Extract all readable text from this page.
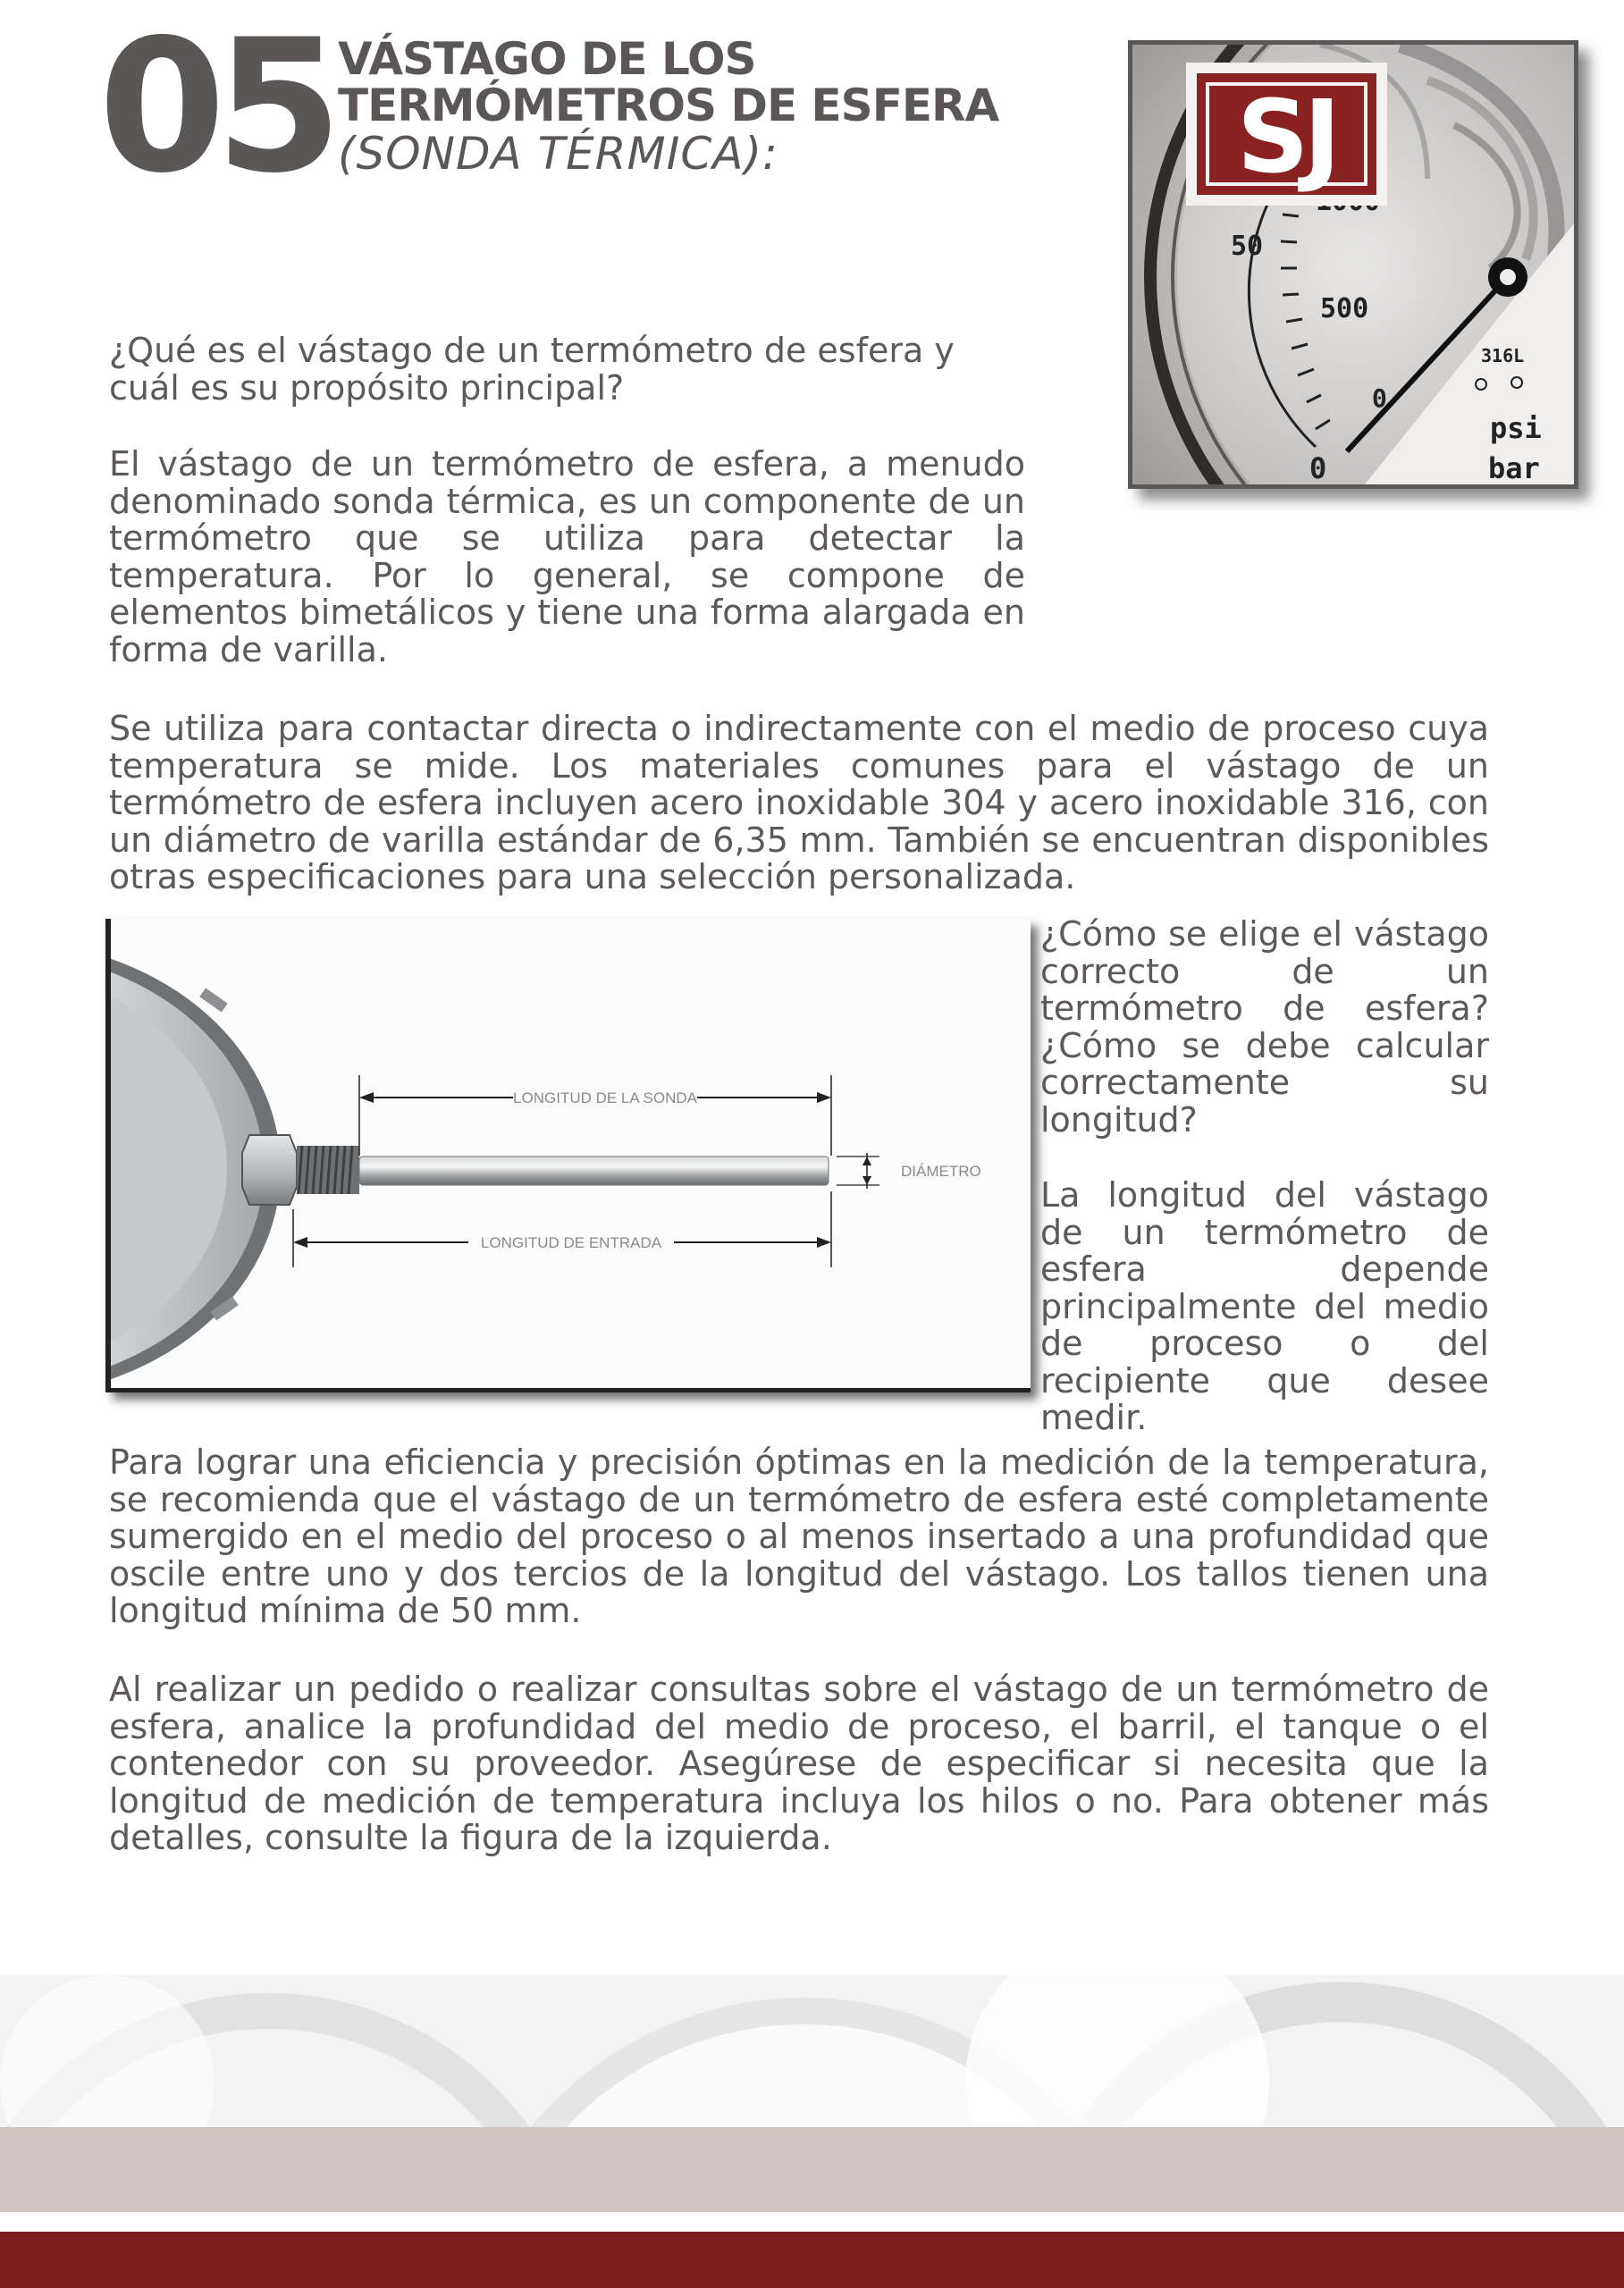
05 VÁSTAGO DE LOS
TERMÓMETROS DE ESFERA
(SONDA TÉRMICA):
50
500
316L
0
0
psi
bar
SJ

¿Qué es el vástago de un termómetro de esfera y cuál es su propósito principal?

El vástago de un termómetro de esfera, a menudo denominado sonda térmica, es un componente de un termómetro que se utiliza para detectar la temperatura. Por lo general, se compone de elementos bimetálicos y tiene una forma alargada en forma de varilla.

Se utiliza para contactar directa o indirectamente con el medio de proceso cuya temperatura se mide. Los materiales comunes para el vástago de un termómetro de esfera incluyen acero inoxidable 304 y acero inoxidable 316, con un diámetro de varilla estándar de 6,35 mm. También se encuentran disponibles otras especificaciones para una selección personalizada.

LONGITUD DE LA SONDA
LONGITUD DE ENTRADA
DIÁMETRO

¿Cómo se elige el vástago correcto de un termómetro de esfera? ¿Cómo se debe calcular correctamente su longitud?

La longitud del vástago de un termómetro de esfera depende principalmente del medio de proceso o del recipiente que desee medir.

Para lograr una eficiencia y precisión óptimas en la medición de la temperatura, se recomienda que el vástago de un termómetro de esfera esté completamente sumergido en el medio del proceso o al menos insertado a una profundidad que oscile entre uno y dos tercios de la longitud del vástago. Los tallos tienen una longitud mínima de 50 mm.

Al realizar un pedido o realizar consultas sobre el vástago de un termómetro de esfera, analice la profundidad del medio de proceso, el barril, el tanque o el contenedor con su proveedor. Asegúrese de especificar si necesita que la longitud de medición de temperatura incluya los hilos o no. Para obtener más detalles, consulte la figura de la izquierda.
